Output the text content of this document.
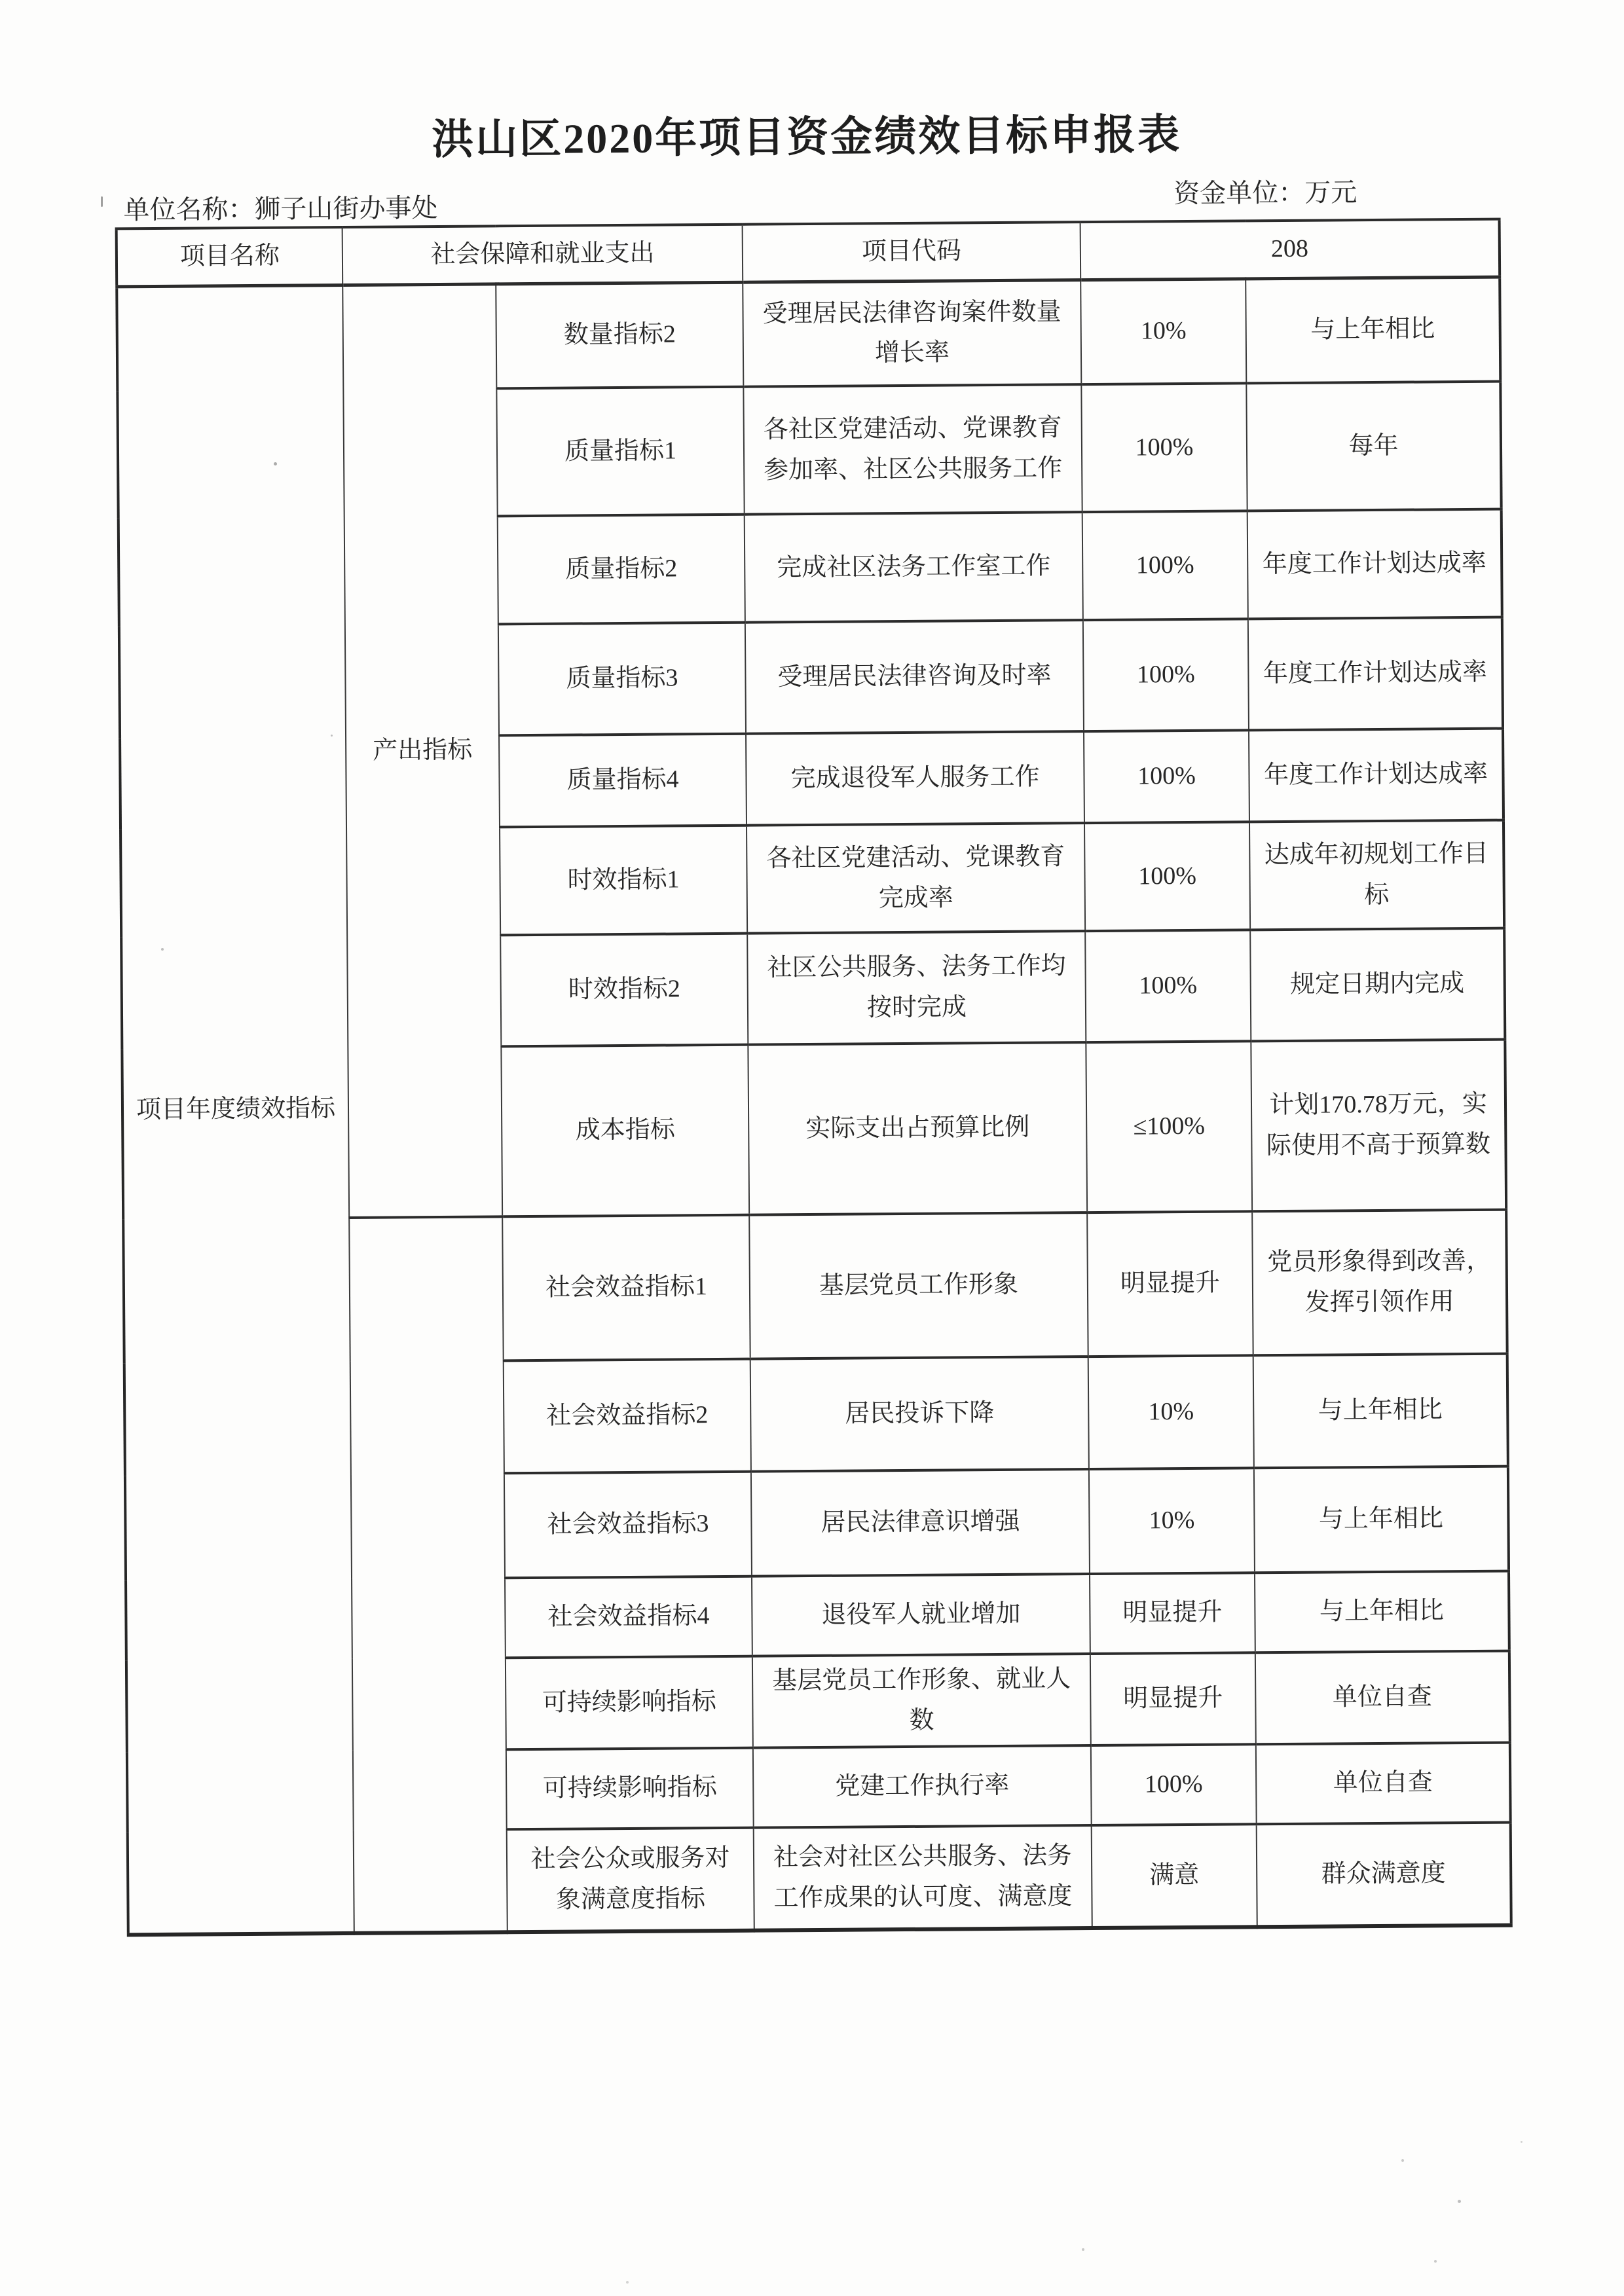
洪山区2020年项目资金绩效目标申报表
单位名称：狮子山街办事处
资金单位：万元
项目名称	社会保障和就业支出		项目代码	208	
项目年度绩效指标	产出指标	数量指标2	受理居民法律咨询案件数量增长率	10%	与上年相比
		质量指标1	各社区党建活动、党课教育参加率、社区公共服务工作	100%	每年
		质量指标2	完成社区法务工作室工作	100%	年度工作计划达成率
		质量指标3	受理居民法律咨询及时率	100%	年度工作计划达成率
		质量指标4	完成退役军人服务工作	100%	年度工作计划达成率
		时效指标1	各社区党建活动、党课教育完成率	100%	达成年初规划工作目标
		时效指标2	社区公共服务、法务工作均按时完成	100%	规定日期内完成
		成本指标	实际支出占预算比例	≤100%	计划170.78万元，实际使用不高于预算数
		社会效益指标1	基层党员工作形象	明显提升	党员形象得到改善，发挥引领作用
		社会效益指标2	居民投诉下降	10%	与上年相比
		社会效益指标3	居民法律意识增强	10%	与上年相比
		社会效益指标4	退役军人就业增加	明显提升	与上年相比
		可持续影响指标	基层党员工作形象、就业人数	明显提升	单位自查
		可持续影响指标	党建工作执行率	100%	单位自查
		社会公众或服务对象满意度指标	社会对社区公共服务、法务工作成果的认可度、满意度	满意	群众满意度
